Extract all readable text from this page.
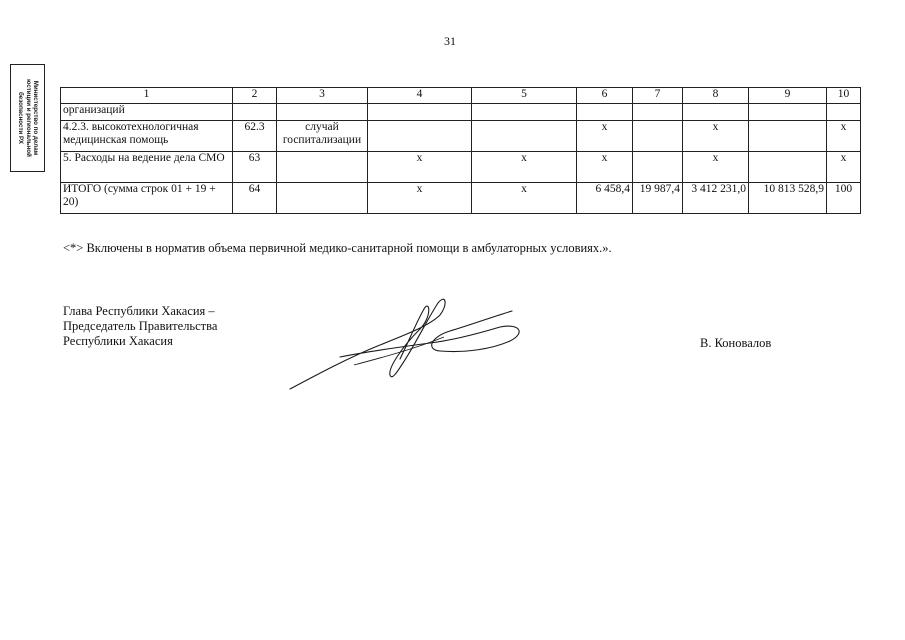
31
Министерство по делам
юстиции и региональной
безопасности РХ	1	2	3	4	5	6	7	8	9	10
организаций									
4.2.3. высокотехнологичная медицинская помощь	62.3	случай госпитализации			х		х		х
5. Расходы на ведение дела СМО	63		х	х	х		х		х
ИТОГО (сумма строк 01 + 19 + 20)	64		х	х	6 458,4	19 987,4	3 412 231,0	10 813 528,9	100
<*> Включены в норматив объема первичной медико-санитарной помощи в амбулаторных условиях.».
Глава Республики Хакасия –
Председатель Правительства
Республики Хакасия	В. Коновалов
